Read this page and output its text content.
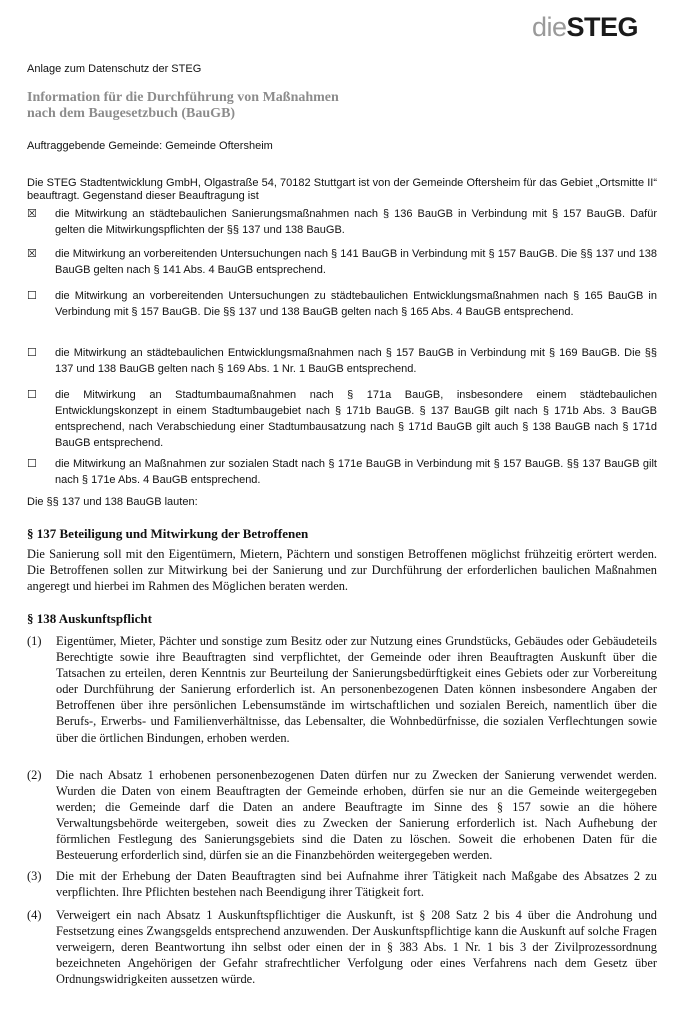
dieSTEG
Anlage zum Datenschutz der STEG
Information für die Durchführung von Maßnahmen
nach dem Baugesetzbuch (BauGB)
Auftraggebende Gemeinde: Gemeinde Oftersheim
Die STEG Stadtentwicklung GmbH, Olgastraße 54, 70182 Stuttgart ist von der Gemeinde Oftersheim für das Gebiet „Ortsmitte II“ beauftragt. Gegenstand dieser Beauftragung ist
☒	die Mitwirkung an städtebaulichen Sanierungsmaßnahmen nach § 136 BauGB in Verbindung mit § 157 BauGB. Dafür gelten die Mitwirkungspflichten der §§ 137 und 138 BauGB.
☒	die Mitwirkung an vorbereitenden Untersuchungen nach § 141 BauGB in Verbindung mit § 157 BauGB. Die §§ 137 und 138 BauGB gelten nach § 141 Abs. 4 BauGB entsprechend.
☐	die Mitwirkung an vorbereitenden Untersuchungen zu städtebaulichen Entwicklungsmaßnahmen nach § 165 BauGB in Verbindung mit § 157 BauGB. Die §§ 137 und 138 BauGB gelten nach § 165 Abs. 4 BauGB entsprechend.
☐	die Mitwirkung an städtebaulichen Entwicklungsmaßnahmen nach § 157 BauGB in Verbindung mit § 169 BauGB. Die §§ 137 und 138 BauGB gelten nach § 169 Abs. 1 Nr. 1 BauGB entsprechend.
☐	die Mitwirkung an Stadtumbaumaßnahmen nach § 171a BauGB, insbesondere einem städtebaulichen Entwicklungskonzept in einem Stadtumbaugebiet nach § 171b BauGB. § 137 BauGB gilt nach § 171b Abs. 3 BauGB entsprechend, nach Verabschiedung einer Stadtumbausatzung nach § 171d BauGB gilt auch § 138 BauGB nach § 171d BauGB entsprechend.
☐	die Mitwirkung an Maßnahmen zur sozialen Stadt nach § 171e BauGB in Verbindung mit § 157 BauGB. §§ 137 BauGB gilt nach § 171e Abs. 4 BauGB entsprechend.
Die §§ 137 und 138 BauGB lauten:
§ 137 Beteiligung und Mitwirkung der Betroffenen
Die Sanierung soll mit den Eigentümern, Mietern, Pächtern und sonstigen Betroffenen möglichst frühzeitig erörtert werden. Die Betroffenen sollen zur Mitwirkung bei der Sanierung und zur Durchführung der erforderlichen baulichen Maßnahmen angeregt und hierbei im Rahmen des Möglichen beraten werden.
§ 138 Auskunftspflicht
(1)	Eigentümer, Mieter, Pächter und sonstige zum Besitz oder zur Nutzung eines Grundstücks, Gebäudes oder Gebäudeteils Berechtigte sowie ihre Beauftragten sind verpflichtet, der Gemeinde oder ihren Beauftragten Auskunft über die Tatsachen zu erteilen, deren Kenntnis zur Beurteilung der Sanierungsbedürftigkeit eines Gebiets oder zur Vorbereitung oder Durchführung der Sanierung erforderlich ist. An personenbezogenen Daten können insbesondere Angaben der Betroffenen über ihre persönlichen Lebensumstände im wirtschaftlichen und sozialen Bereich, namentlich über die Berufs-, Erwerbs- und Familienverhältnisse, das Lebensalter, die Wohnbedürfnisse, die sozialen Verflechtungen sowie über die örtlichen Bindungen, erhoben werden.
(2)	Die nach Absatz 1 erhobenen personenbezogenen Daten dürfen nur zu Zwecken der Sanierung verwendet werden. Wurden die Daten von einem Beauftragten der Gemeinde erhoben, dürfen sie nur an die Gemeinde weitergegeben werden; die Gemeinde darf die Daten an andere Beauftragte im Sinne des § 157 sowie an die höhere Verwaltungsbehörde weitergeben, soweit dies zu Zwecken der Sanierung erforderlich ist. Nach Aufhebung der förmlichen Festlegung des Sanierungsgebiets sind die Daten zu löschen. Soweit die erhobenen Daten für die Besteuerung erforderlich sind, dürfen sie an die Finanzbehörden weitergegeben werden.
(3)	Die mit der Erhebung der Daten Beauftragten sind bei Aufnahme ihrer Tätigkeit nach Maßgabe des Absatzes 2 zu verpflichten. Ihre Pflichten bestehen nach Beendigung ihrer Tätigkeit fort.
(4)	Verweigert ein nach Absatz 1 Auskunftspflichtiger die Auskunft, ist § 208 Satz 2 bis 4 über die Androhung und Festsetzung eines Zwangsgelds entsprechend anzuwenden. Der Auskunftspflichtige kann die Auskunft auf solche Fragen verweigern, deren Beantwortung ihn selbst oder einen der in § 383 Abs. 1 Nr. 1 bis 3 der Zivilprozessordnung bezeichneten Angehörigen der Gefahr strafrechtlicher Verfolgung oder eines Verfahrens nach dem Gesetz über Ordnungswidrigkeiten aussetzen würde.
